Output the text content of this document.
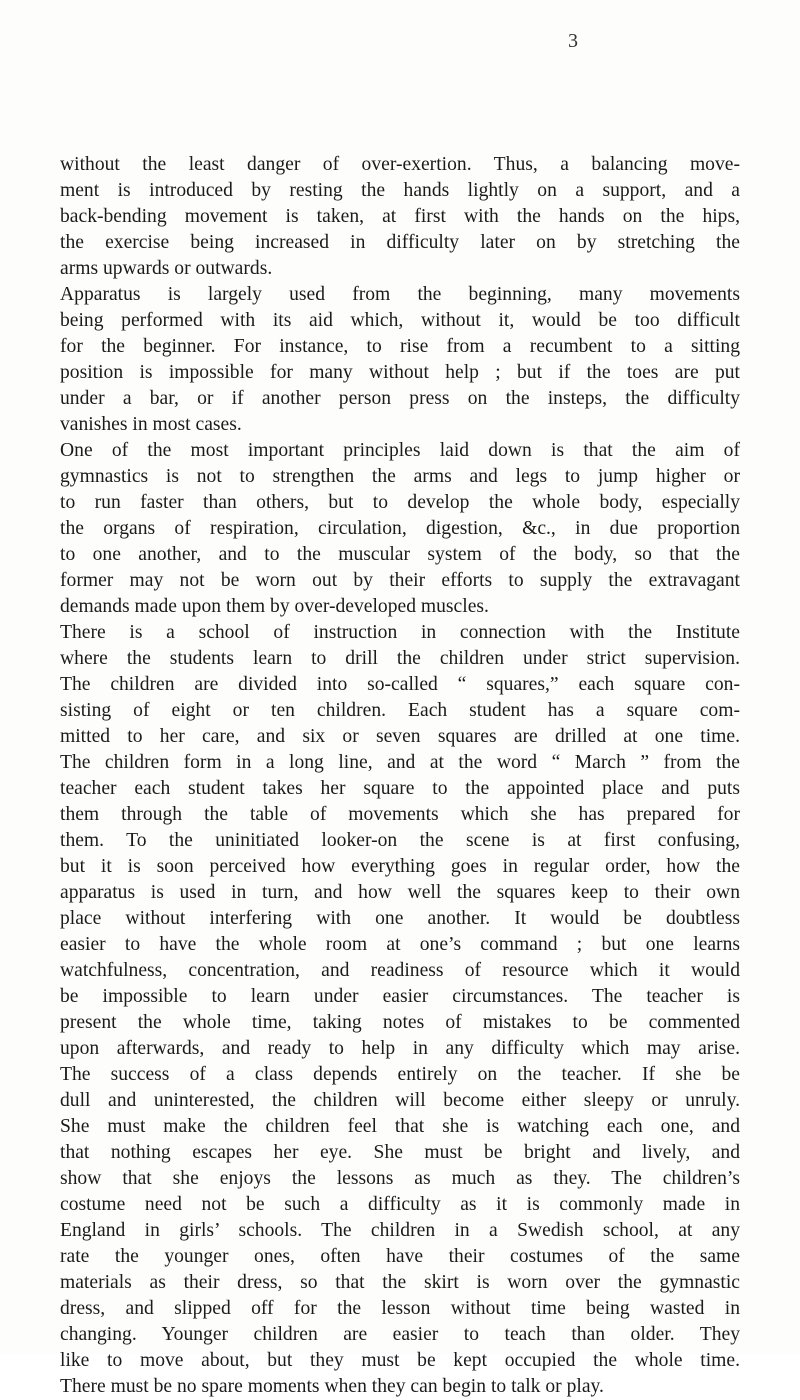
3
without the least danger of over-exertion. Thus, a balancing move-
ment is introduced by resting the hands lightly on a support, and a
back-bending movement is taken, at first with the hands on the hips,
the exercise being increased in difficulty later on by stretching the
arms upwards or outwards.
Apparatus is largely used from the beginning, many movements
being performed with its aid which, without it, would be too difficult
for the beginner. For instance, to rise from a recumbent to a sitting
position is impossible for many without help ; but if the toes are put
under a bar, or if another person press on the insteps, the difficulty
vanishes in most cases.
One of the most important principles laid down is that the aim of
gymnastics is not to strengthen the arms and legs to jump higher or
to run faster than others, but to develop the whole body, especially
the organs of respiration, circulation, digestion, &c., in due proportion
to one another, and to the muscular system of the body, so that the
former may not be worn out by their efforts to supply the extravagant
demands made upon them by over-developed muscles.
There is a school of instruction in connection with the Institute
where the students learn to drill the children under strict supervision.
The children are divided into so-called “ squares,” each square con-
sisting of eight or ten children. Each student has a square com-
mitted to her care, and six or seven squares are drilled at one time.
The children form in a long line, and at the word “ March ” from the
teacher each student takes her square to the appointed place and puts
them through the table of movements which she has prepared for
them. To the uninitiated looker-on the scene is at first confusing,
but it is soon perceived how everything goes in regular order, how the
apparatus is used in turn, and how well the squares keep to their own
place without interfering with one another. It would be doubtless
easier to have the whole room at one’s command ; but one learns
watchfulness, concentration, and readiness of resource which it would
be impossible to learn under easier circumstances. The teacher is
present the whole time, taking notes of mistakes to be commented
upon afterwards, and ready to help in any difficulty which may arise.
The success of a class depends entirely on the teacher. If she be
dull and uninterested, the children will become either sleepy or unruly.
She must make the children feel that she is watching each one, and
that nothing escapes her eye. She must be bright and lively, and
show that she enjoys the lessons as much as they. The children’s
costume need not be such a difficulty as it is commonly made in
England in girls’ schools. The children in a Swedish school, at any
rate the younger ones, often have their costumes of the same
materials as their dress, so that the skirt is worn over the gymnastic
dress, and slipped off for the lesson without time being wasted in
changing. Younger children are easier to teach than older. They
like to move about, but they must be kept occupied the whole time.
There must be no spare moments when they can begin to talk or play.
